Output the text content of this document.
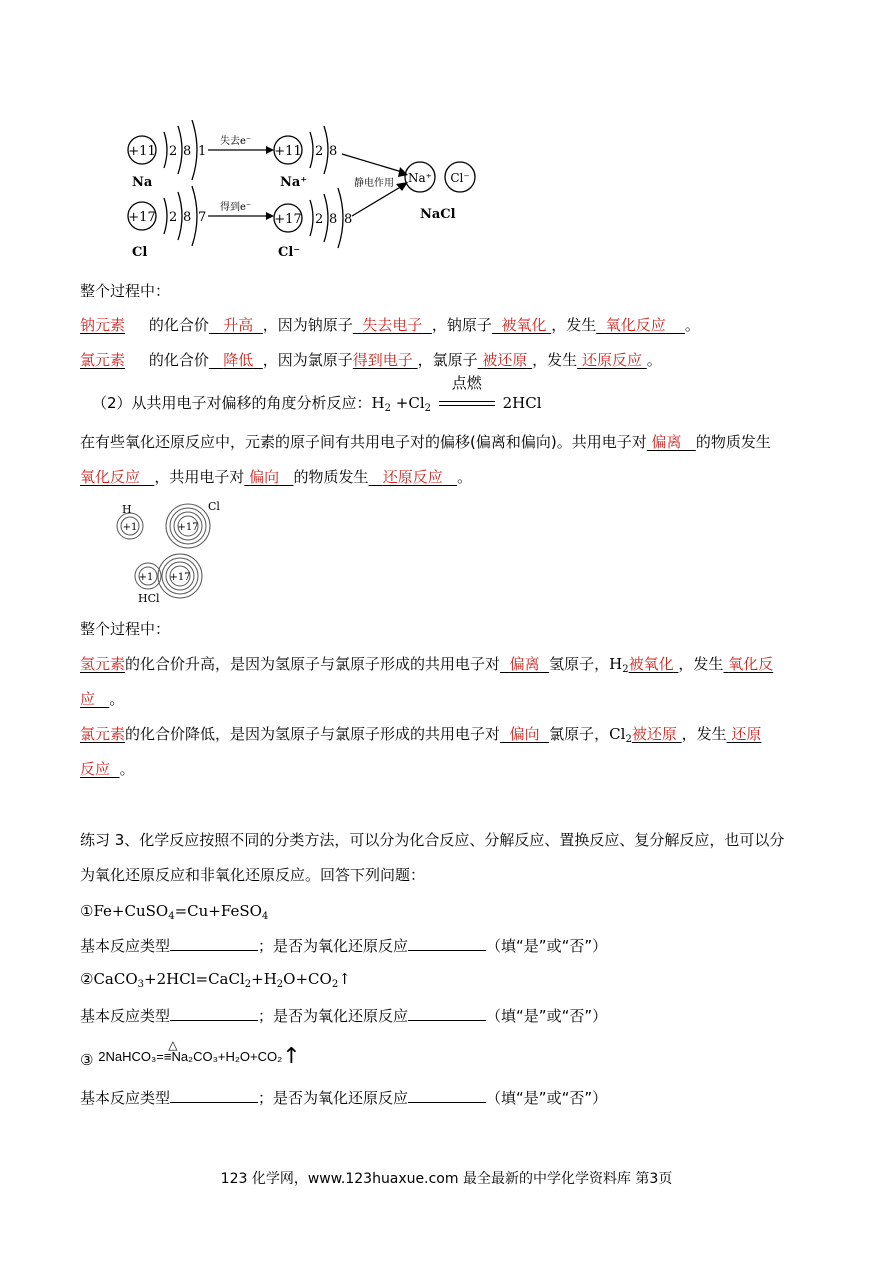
+11 2 8 1
Na
失去e⁻
+11 2 8
Na⁺
+17 2 8 7
Cl
得到e⁻
+17 2 8 8
Cl⁻
静电作用 Na⁺ Cl⁻
NaCl
整个过程中：
钠元素 的化合价 升高 ，因为钠原子 失去电子 ，钠原子 被氧化 ，发生 氧化反应 。
氯元素 的化合价 降低 ，因为氯原子得到电子 ，氯原子 被还原 ，发生 还原反应 。
（2）从共用电子对偏移的角度分析反应：$H_2 +Cl_2$
点燃
2HCl
在有些氧化还原反应中，元素的原子间有共用电子对的偏移(偏离和偏向)。共用电子对 偏离 的物质发生
氧化反应 ，共用电子对 偏向 的物质发生 还原反应 。
H
+1
Cl
+17
+1 +17
HCl
整个过程中：
氢元素的化合价升高，是因为氢原子与氯原子形成的共用电子对 偏离 氢原子，$H_2$被氧化 ，发生 氧化反
应 。
氯元素的化合价降低，是因为氢原子与氯原子形成的共用电子对 偏向 氯原子，$Cl_2$被还原 ，发生 还原
反应 。
练习 3、化学反应按照不同的分类方法，可以分为化合反应、分解反应、置换反应、复分解反应，也可以分
为氧化还原反应和非氧化还原反应。回答下列问题：
①Fe+CuSO$_4$=Cu+FeSO$_4$
基本反应类型	；是否为氧化还原反应	（填“是”或“否”）
$②CaCO_3+2HCl=CaCl_2+H_2O+CO_2↑$
基本反应类型	；是否为氧化还原反应	（填“是”或“否”）
③ 2NaHCO₃=≡Na₂CO₃+H₂O+CO₂
△	↑
基本反应类型	；是否为氧化还原反应	（填“是”或“否”）
123 化学网，www.123huaxue.com 最全最新的中学化学资料库 第3页
